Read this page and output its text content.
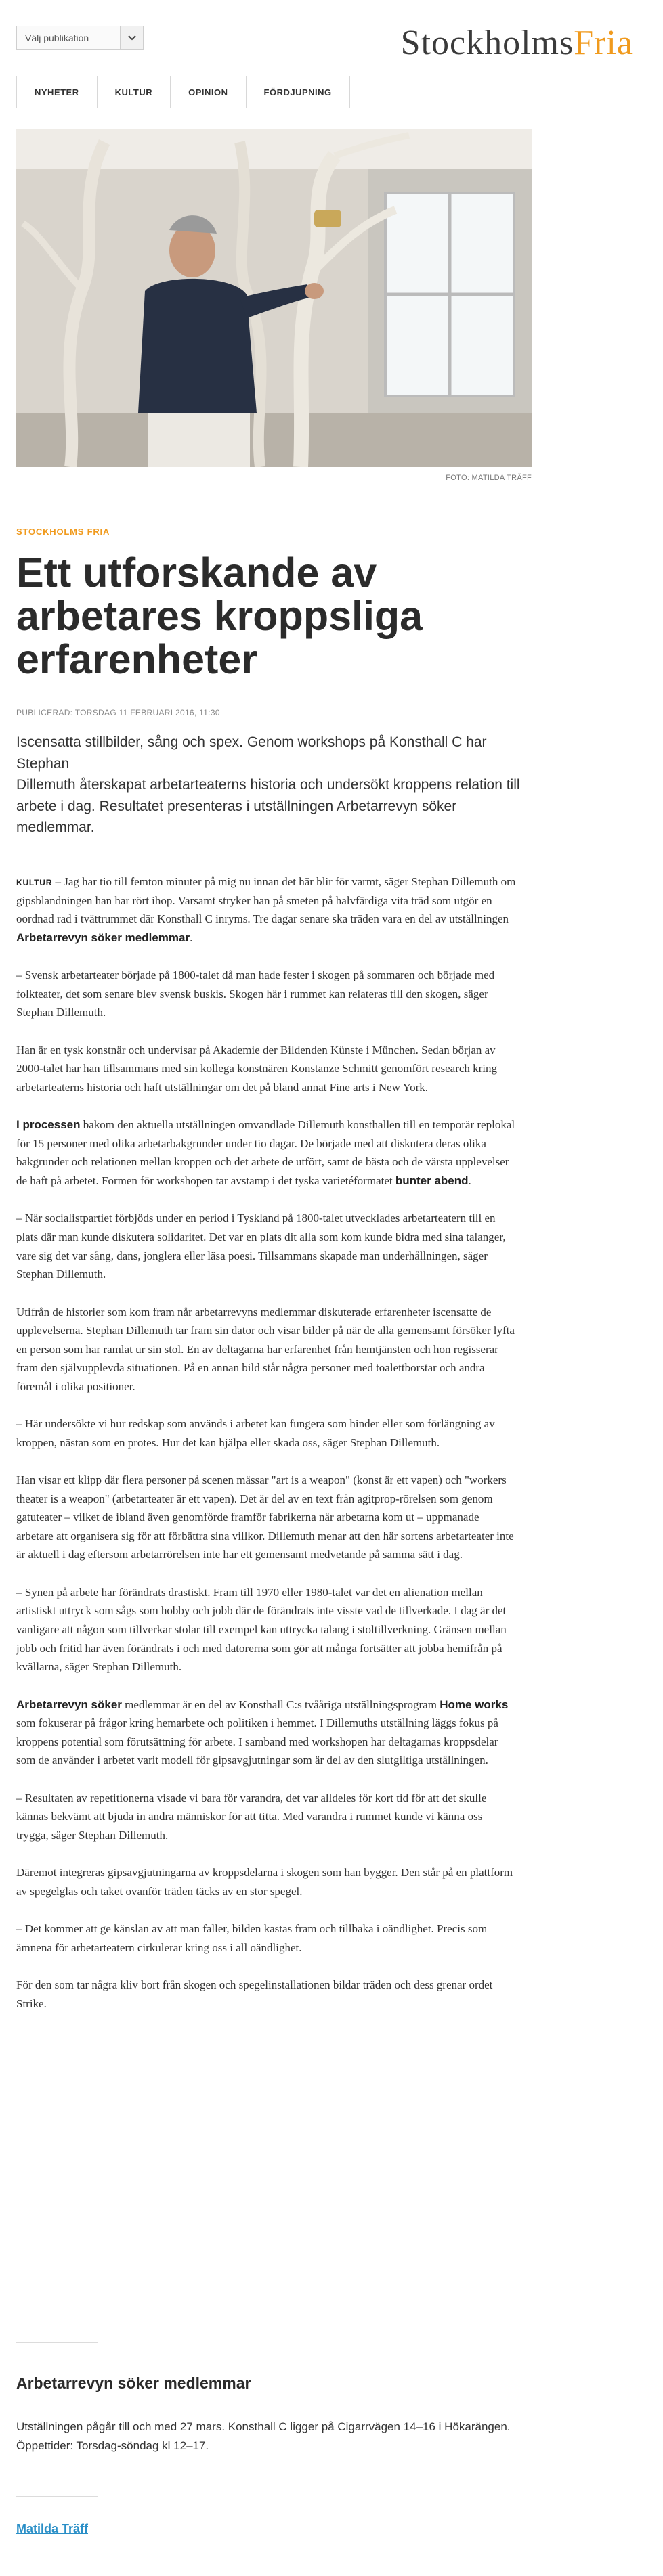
Välj publikation	StockholmsFria
NYHETER	KULTUR	OPINION	FÖRDJUPNING
FOTO: MATILDA TRÄFF
STOCKHOLMS FRIA
Ett utforskande av arbetares kroppsliga erfarenheter
PUBLICERAD: TORSDAG 11 FEBRUARI 2016, 11:30

Iscensatta stillbilder, sång och spex. Genom workshops på Konsthall C har Stephan

Dillemuth återskapat arbetarteaterns historia och undersökt kroppens relation till arbete i dag. Resultatet presenteras i utställningen Arbetarrevyn söker medlemmar.

KULTUR – Jag har tio till femton minuter på mig nu innan det här blir för varmt, säger Stephan Dillemuth om gipsblandningen han har rört ihop. Varsamt stryker han på smeten på halvfärdiga vita träd som utgör en oordnad rad i tvättrummet där Konsthall C inryms. Tre dagar senare ska träden vara en del av utställningen Arbetarrevyn söker medlemmar.

– Svensk arbetarteater började på 1800-talet då man hade fester i skogen på sommaren och började med folkteater, det som senare blev svensk buskis. Skogen här i rummet kan relateras till den skogen, säger Stephan Dillemuth.

Han är en tysk konstnär och undervisar på Akademie der Bildenden Künste i München. Sedan början av 2000-talet har han tillsammans med sin kollega konstnären Konstanze Schmitt genomfört research kring arbetarteaterns historia och haft utställningar om det på bland annat Fine arts i New York.

I processen bakom den aktuella utställningen omvandlade Dillemuth konsthallen till en temporär replokal för 15 personer med olika arbetarbakgrunder under tio dagar. De började med att diskutera deras olika bakgrunder och relationen mellan kroppen och det arbete de utfört, samt de bästa och de värsta upplevelser de haft på arbetet. Formen för workshopen tar avstamp i det tyska varietéformatet bunter abend.

– När socialistpartiet förbjöds under en period i Tyskland på 1800-talet utvecklades arbetarteatern till en plats där man kunde diskutera solidaritet. Det var en plats dit alla som kom kunde bidra med sina talanger, vare sig det var sång, dans, jonglera eller läsa poesi. Tillsammans skapade man underhållningen, säger Stephan Dillemuth.

Utifrån de historier som kom fram når arbetarrevyns medlemmar diskuterade erfarenheter iscensatte de upplevelserna. Stephan Dillemuth tar fram sin dator och visar bilder på när de alla gemensamt försöker lyfta en person som har ramlat ur sin stol. En av deltagarna har erfarenhet från hemtjänsten och hon regisserar fram den självupplevda situationen. På en annan bild står några personer med toalettborstar och andra föremål i olika positioner.

– Här undersökte vi hur redskap som används i arbetet kan fungera som hinder eller som förlängning av kroppen, nästan som en protes. Hur det kan hjälpa eller skada oss, säger Stephan Dillemuth.

Han visar ett klipp där flera personer på scenen mässar "art is a weapon" (konst är ett vapen) och "workers theater is a weapon" (arbetarteater är ett vapen). Det är del av en text från agitprop-rörelsen som genom gatuteater – vilket de ibland även genomförde framför fabrikerna när arbetarna kom ut – uppmanade arbetare att organisera sig för att förbättra sina villkor. Dillemuth menar att den här sortens arbetarteater inte är aktuell i dag eftersom arbetarrörelsen inte har ett gemensamt medvetande på samma sätt i dag.

– Synen på arbete har förändrats drastiskt. Fram till 1970 eller 1980-talet var det en alienation mellan artistiskt uttryck som sågs som hobby och jobb där de förändrats inte visste vad de tillverkade. I dag är det vanligare att någon som tillverkar stolar till exempel kan uttrycka talang i stoltillverkning. Gränsen mellan jobb och fritid har även förändrats i och med datorerna som gör att många fortsätter att jobba hemifrån på kvällarna, säger Stephan Dillemuth.

Arbetarrevyn söker medlemmar är en del av Konsthall C:s tvååriga utställningsprogram Home works som fokuserar på frågor kring hemarbete och politiken i hemmet. I Dillemuths utställning läggs fokus på kroppens potential som förutsättning för arbete. I samband med workshopen har deltagarnas kroppsdelar som de använder i arbetet varit modell för gipsavgjutningar som är del av den slutgiltiga utställningen.

– Resultaten av repetitionerna visade vi bara för varandra, det var alldeles för kort tid för att det skulle kännas bekvämt att bjuda in andra människor för att titta. Med varandra i rummet kunde vi känna oss trygga, säger Stephan Dillemuth.

Däremot integreras gipsavgjutningarna av kroppsdelarna i skogen som han bygger. Den står på en plattform av spegelglas och taket ovanför träden täcks av en stor spegel.

– Det kommer att ge känslan av att man faller, bilden kastas fram och tillbaka i oändlighet. Precis som ämnena för arbetarteatern cirkulerar kring oss i all oändlighet.

För den som tar några kliv bort från skogen och spegelinstallationen bildar träden och dess grenar ordet Strike.

Arbetarrevyn söker medlemmar

Utställningen pågår till och med 27 mars. Konsthall C ligger på Cigarrvägen 14–16 i Hökarängen. Öppettider: Torsdag-söndag kl 12–17.

Matilda Träff
